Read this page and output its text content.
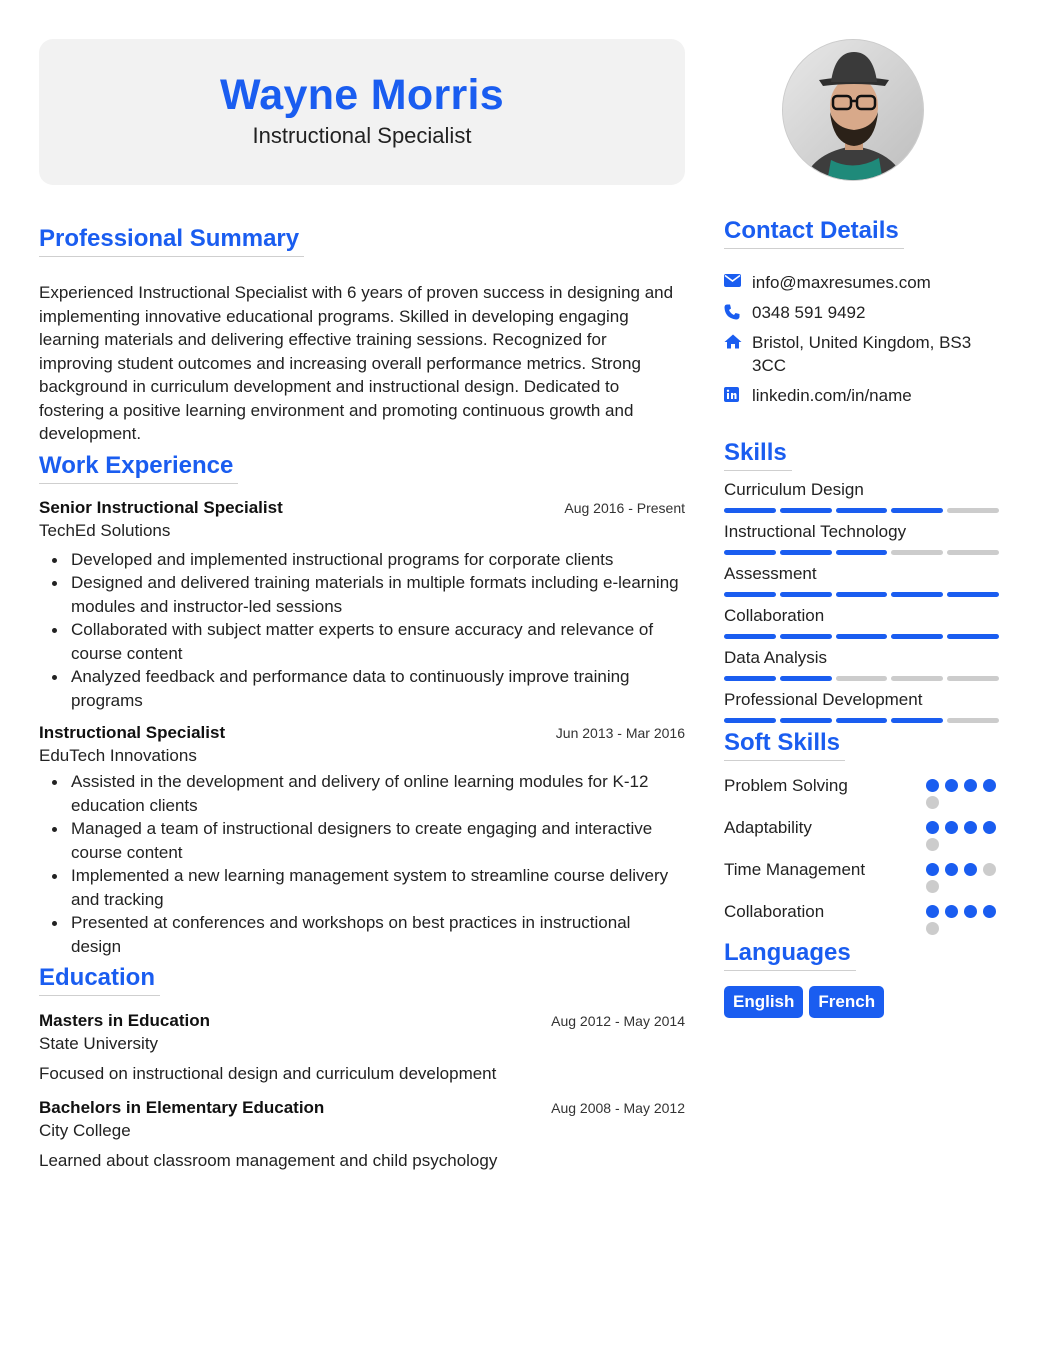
Wayne Morris
Instructional Specialist
Professional Summary

Experienced Instructional Specialist with 6 years of proven success in designing and implementing innovative educational programs. Skilled in developing engaging learning materials and delivering effective training sessions. Recognized for improving student outcomes and increasing overall performance metrics. Strong background in curriculum development and instructional design. Dedicated to fostering a positive learning environment and promoting continuous growth and development.

Work Experience
Senior Instructional Specialist	Aug 2016 - Present
TechEd Solutions
Developed and implemented instructional programs for corporate clients
Designed and delivered training materials in multiple formats including e-learning modules and instructor-led sessions
Collaborated with subject matter experts to ensure accuracy and relevance of course content
Analyzed feedback and performance data to continuously improve training programs
Instructional Specialist	Jun 2013 - Mar 2016
EduTech Innovations
Assisted in the development and delivery of online learning modules for K-12 education clients
Managed a team of instructional designers to create engaging and interactive course content
Implemented a new learning management system to streamline course delivery and tracking
Presented at conferences and workshops on best practices in instructional design
Education
Masters in Education	Aug 2012 - May 2014
State University
Focused on instructional design and curriculum development
Bachelors in Elementary Education	Aug 2008 - May 2012
City College
Learned about classroom management and child psychology
Contact Details
info@maxresumes.com
0348 591 9492
Bristol, United Kingdom, BS3 3CC
linkedin.com/in/name
Skills
Curriculum Design
Instructional Technology
Assessment
Collaboration
Data Analysis
Professional Development
Soft Skills
Problem Solving
Adaptability
Time Management
Collaboration
Languages
English	French
